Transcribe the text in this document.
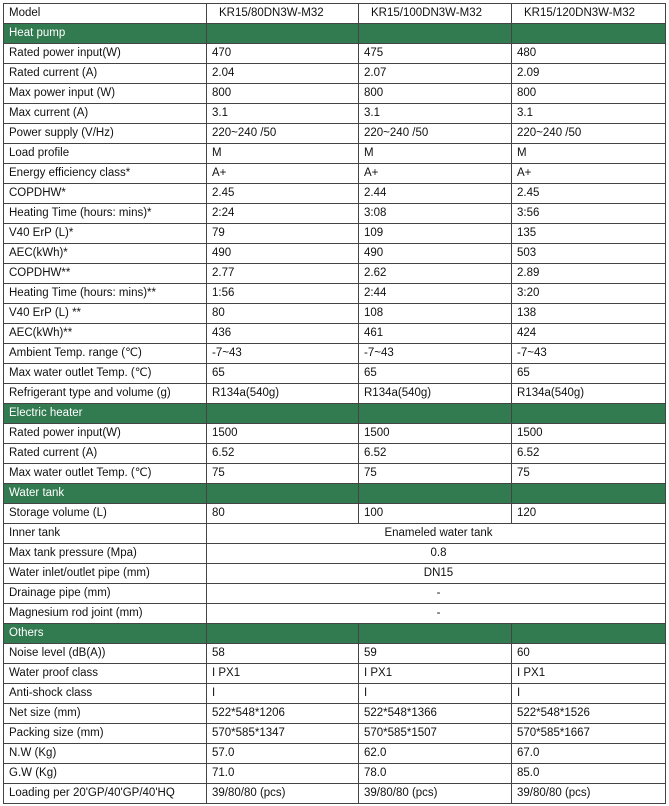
Model	KR15/80DN3W-M32	KR15/100DN3W-M32	KR15/120DN3W-M32
Heat pump			
Rated power input(W)	470	475	480
Rated current (A)	2.04	2.07	2.09
Max power input (W)	800	800	800
Max current (A)	3.1	3.1	3.1
Power supply (V/Hz)	220~240 /50	220~240 /50	220~240 /50
Load profile	M	M	M
Energy efficiency class*	A+	A+	A+
COPDHW*	2.45	2.44	2.45
Heating Time (hours: mins)*	2:24	3:08	3:56
V40 ErP (L)*	79	109	135
AEC(kWh)*	490	490	503
COPDHW**	2.77	2.62	2.89
Heating Time (hours: mins)**	1:56	2:44	3:20
V40 ErP (L) **	80	108	138
AEC(kWh)**	436	461	424
Ambient Temp. range (℃)	-7~43	-7~43	-7~43
Max water outlet Temp. (℃)	65	65	65
Refrigerant type and volume (g)	R134a(540g)	R134a(540g)	R134a(540g)
Electric heater			
Rated power input(W)	1500	1500	1500
Rated current (A)	6.52	6.52	6.52
Max water outlet Temp. (℃)	75	75	75
Water tank			
Storage volume (L)	80	100	120
Inner tank	Enameled water tank		
Max tank pressure (Mpa)	0.8		
Water inlet/outlet pipe (mm)	DN15		
Drainage pipe (mm)	-		
Magnesium rod joint (mm)	-		
Others			
Noise level (dB(A))	58	59	60
Water proof class	I PX1	I PX1	I PX1
Anti-shock class	I	I	I
Net size (mm)	522*548*1206	522*548*1366	522*548*1526
Packing size (mm)	570*585*1347	570*585*1507	570*585*1667
N.W (Kg)	57.0	62.0	67.0
G.W (Kg)	71.0	78.0	85.0
Loading per 20'GP/40'GP/40'HQ	39/80/80 (pcs)	39/80/80 (pcs)	39/80/80 (pcs)
